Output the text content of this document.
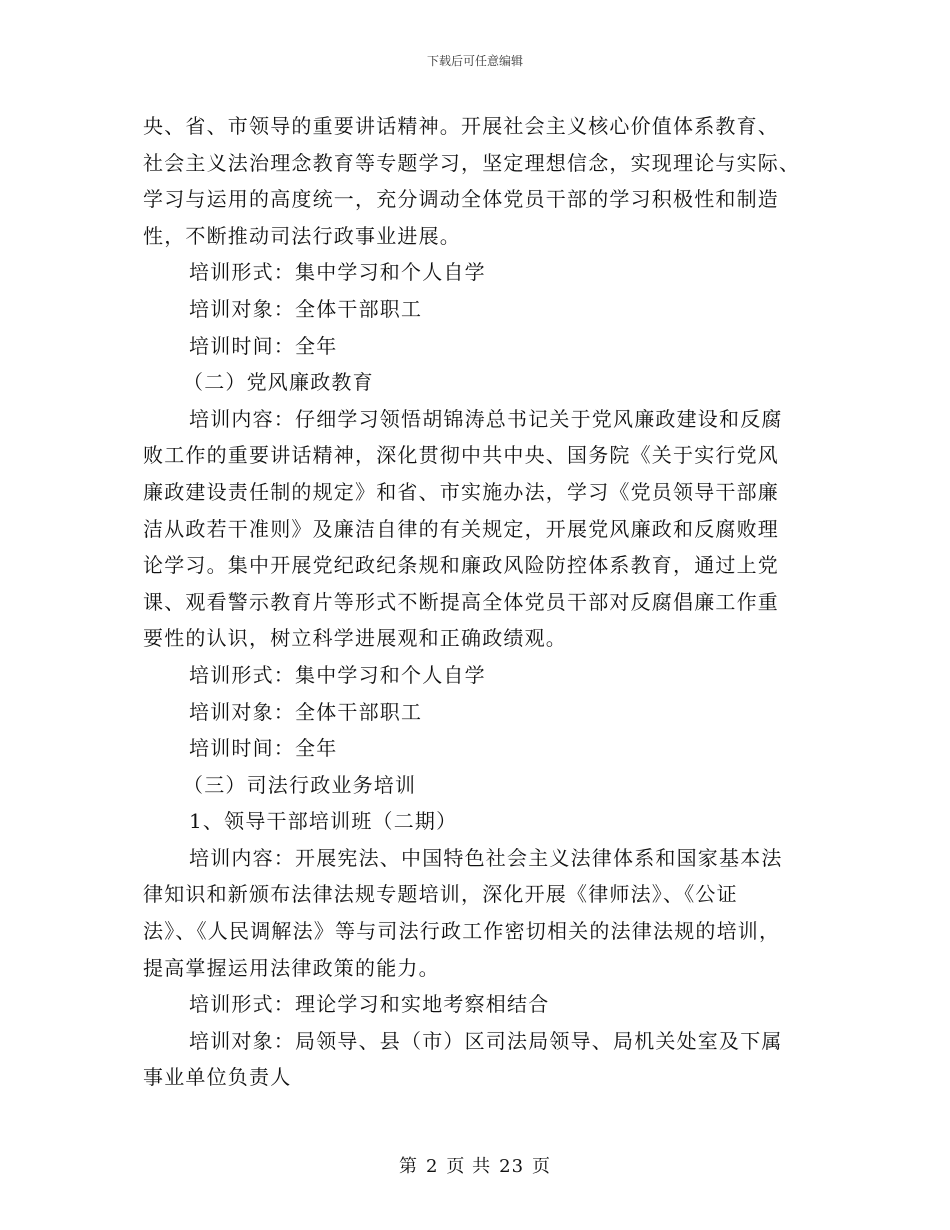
下载后可任意编辑

央、省、市领导的重要讲话精神。开展社会主义核心价值体系教育、

社会主义法治理念教育等专题学习，坚定理想信念，实现理论与实际、

学习与运用的高度统一，充分调动全体党员干部的学习积极性和制造

性，不断推动司法行政事业进展。

培训形式：集中学习和个人自学

培训对象：全体干部职工

培训时间：全年

（二）党风廉政教育

培训内容：仔细学习领悟胡锦涛总书记关于党风廉政建设和反腐

败工作的重要讲话精神，深化贯彻中共中央、国务院《关于实行党风

廉政建设责任制的规定》和省、市实施办法，学习《党员领导干部廉

洁从政若干准则》及廉洁自律的有关规定，开展党风廉政和反腐败理

论学习。集中开展党纪政纪条规和廉政风险防控体系教育，通过上党

课、观看警示教育片等形式不断提高全体党员干部对反腐倡廉工作重

要性的认识，树立科学进展观和正确政绩观。

培训形式：集中学习和个人自学

培训对象：全体干部职工

培训时间：全年

（三）司法行政业务培训

1、领导干部培训班（二期）

培训内容：开展宪法、中国特色社会主义法律体系和国家基本法

律知识和新颁布法律法规专题培训，深化开展《律师法》、《公证

法》、《人民调解法》等与司法行政工作密切相关的法律法规的培训，

提高掌握运用法律政策的能力。

培训形式：理论学习和实地考察相结合

培训对象：局领导、县（市）区司法局领导、局机关处室及下属

事业单位负责人

第 2 页 共 23 页
